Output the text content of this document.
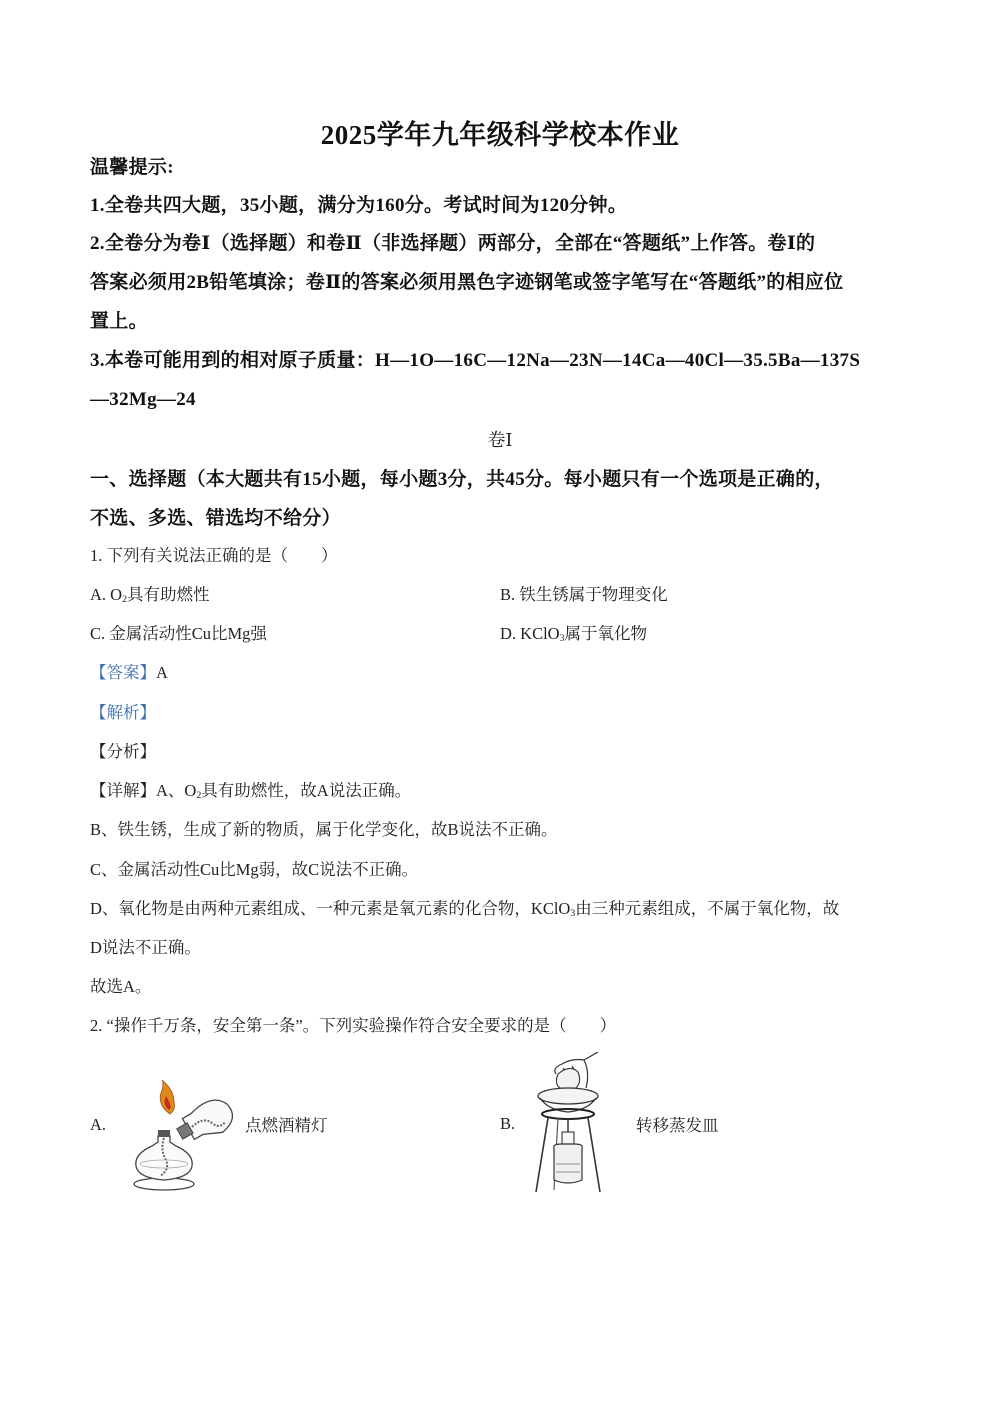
2025学年九年级科学校本作业
温馨提示:
1.全卷共四大题，35小题，满分为160分。考试时间为120分钟。
2.全卷分为卷Ⅰ（选择题）和卷Ⅱ（非选择题）两部分，全部在“答题纸”上作答。卷Ⅰ的
答案必须用2B铅笔填涂；卷Ⅱ的答案必须用黑色字迹钢笔或签字笔写在“答题纸”的相应位
置上。
3.本卷可能用到的相对原子质量：H—1O—16C—12Na—23N—14Ca—40Cl—35.5Ba—137S
—32Mg—24
卷Ⅰ
一、选择题（本大题共有15小题，每小题3分，共45分。每小题只有一个选项是正确的，
不选、多选、错选均不给分）
1. 下列有关说法正确的是（　　）
A. $O_2$具有助燃性	B. 铁生锈属于物理变化
C. 金属活动性Cu比Mg强	D. KClO$_3$属于氧化物
【答案】A
【解析】
【分析】
【详解】A、$O_2$具有助燃性，故A说法正确。
B、铁生锈，生成了新的物质，属于化学变化，故B说法不正确。
C、金属活动性Cu比Mg弱，故C说法不正确。
D、氧化物是由两种元素组成、一种元素是氧元素的化合物，KClO$_3$由三种元素组成，不属于氧化物，故
D说法不正确。
故选A。
2. “操作千万条，安全第一条”。下列实验操作符合安全要求的是（　　）
A.	点燃酒精灯	B.	转移蒸发皿
